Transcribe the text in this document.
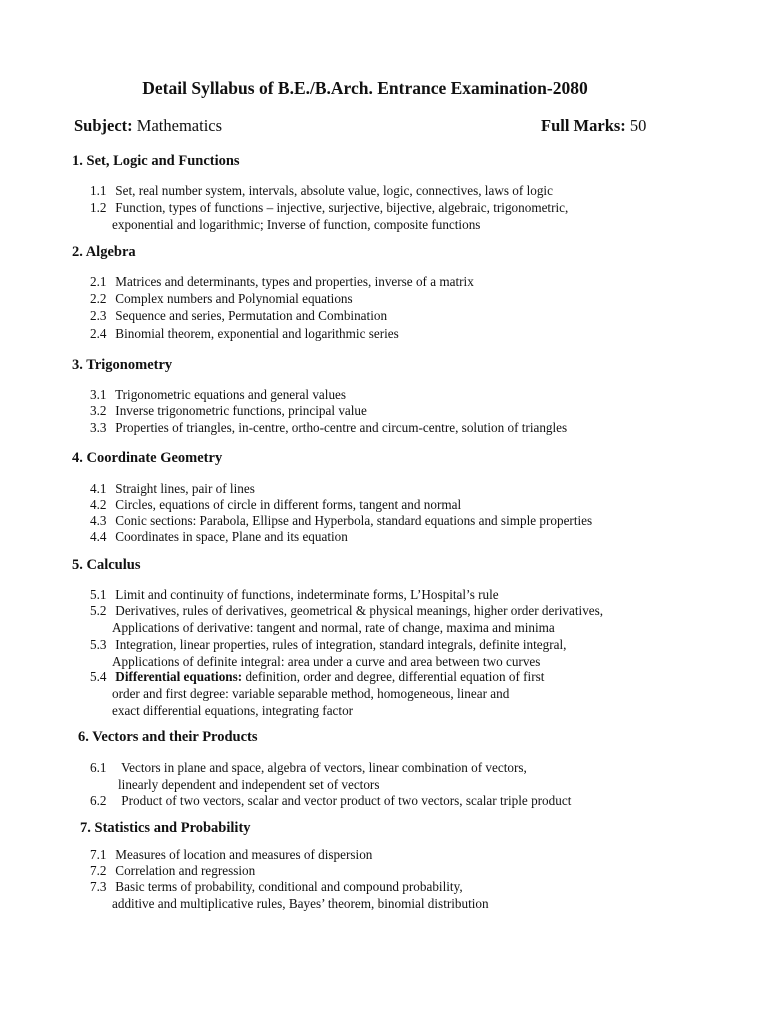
Detail Syllabus of B.E./B.Arch. Entrance Examination-2080
Subject: Mathematics	Full Marks: 50
1. Set, Logic and Functions
1.1 Set, real number system, intervals, absolute value, logic, connectives, laws of logic
1.2 Function, types of functions – injective, surjective, bijective, algebraic, trigonometric,
exponential and logarithmic; Inverse of function, composite functions
2. Algebra
2.1 Matrices and determinants, types and properties, inverse of a matrix
2.2 Complex numbers and Polynomial equations
2.3 Sequence and series, Permutation and Combination
2.4 Binomial theorem, exponential and logarithmic series
3. Trigonometry
3.1 Trigonometric equations and general values
3.2 Inverse trigonometric functions, principal value
3.3 Properties of triangles, in-centre, ortho-centre and circum-centre, solution of triangles
4. Coordinate Geometry
4.1 Straight lines, pair of lines
4.2 Circles, equations of circle in different forms, tangent and normal
4.3 Conic sections: Parabola, Ellipse and Hyperbola, standard equations and simple properties
4.4 Coordinates in space, Plane and its equation
5. Calculus
5.1 Limit and continuity of functions, indeterminate forms, L’Hospital’s rule
5.2 Derivatives, rules of derivatives, geometrical & physical meanings, higher order derivatives,
Applications of derivative: tangent and normal, rate of change, maxima and minima
5.3 Integration, linear properties, rules of integration, standard integrals, definite integral,
Applications of definite integral: area under a curve and area between two curves
5.4 Differential equations: definition, order and degree, differential equation of first
order and first degree: variable separable method, homogeneous, linear and
exact differential equations, integrating factor
6. Vectors and their Products
6.1 Vectors in plane and space, algebra of vectors, linear combination of vectors,
linearly dependent and independent set of vectors
6.2 Product of two vectors, scalar and vector product of two vectors, scalar triple product
7. Statistics and Probability
7.1 Measures of location and measures of dispersion
7.2 Correlation and regression
7.3 Basic terms of probability, conditional and compound probability,
additive and multiplicative rules, Bayes’ theorem, binomial distribution
